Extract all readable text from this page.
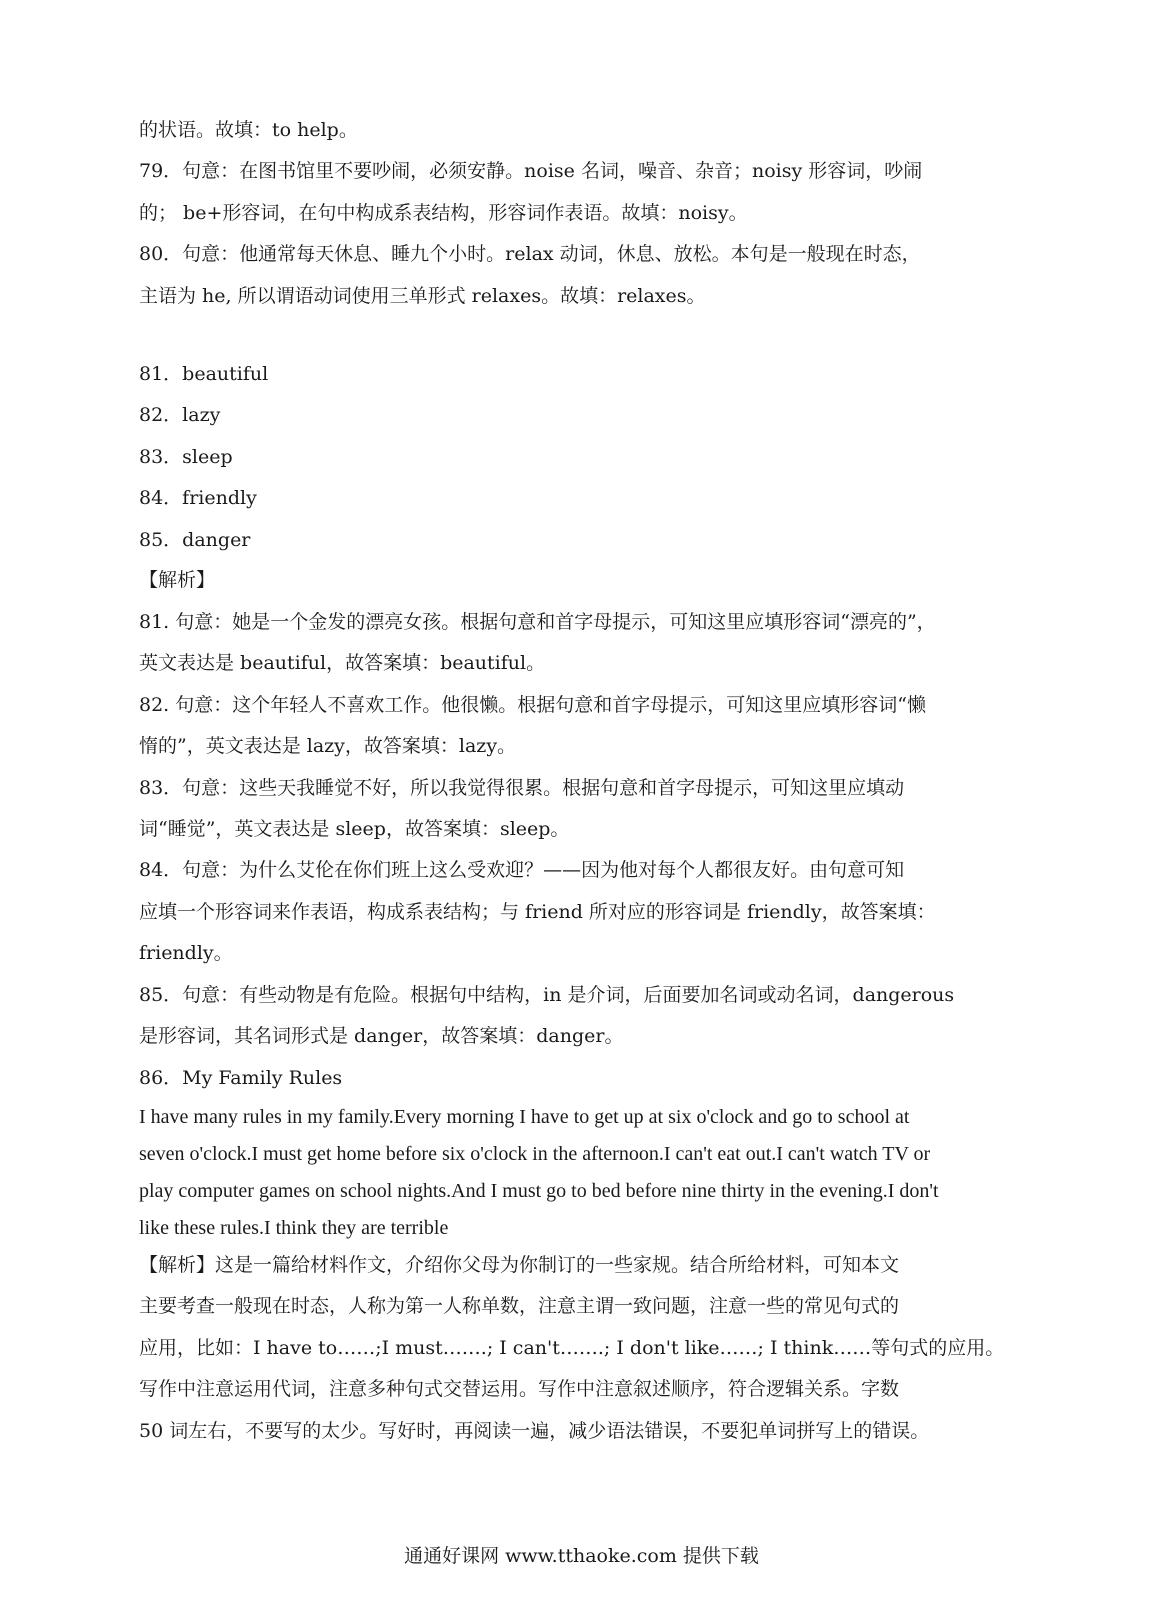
的状语。故填：to help。
79．句意：在图书馆里不要吵闹，必须安静。noise 名词，噪音、杂音；noisy 形容词，吵闹
的； be+形容词，在句中构成系表结构，形容词作表语。故填：noisy。
80．句意：他通常每天休息、睡九个小时。relax 动词，休息、放松。本句是一般现在时态，
主语为 he, 所以谓语动词使用三单形式 relaxes。故填：relaxes。
81．beautiful
82．lazy
83．sleep
84．friendly
85．danger
【解析】
81. 句意：她是一个金发的漂亮女孩。根据句意和首字母提示，可知这里应填形容词“漂亮的”，
英文表达是 beautiful，故答案填：beautiful。
82. 句意：这个年轻人不喜欢工作。他很懒。根据句意和首字母提示，可知这里应填形容词“懒
惰的”，英文表达是 lazy，故答案填：lazy。
83．句意：这些天我睡觉不好，所以我觉得很累。根据句意和首字母提示，可知这里应填动
词“睡觉”，英文表达是 sleep，故答案填：sleep。
84．句意：为什么艾伦在你们班上这么受欢迎？——因为他对每个人都很友好。由句意可知
应填一个形容词来作表语，构成系表结构；与 friend 所对应的形容词是 friendly，故答案填：
friendly。
85．句意：有些动物是有危险。根据句中结构，in 是介词，后面要加名词或动名词，dangerous
是形容词，其名词形式是 danger，故答案填：danger。
86．My Family Rules
I have many rules in my family.Every morning I have to get up at six o'clock and go to school at
seven o'clock.I must get home before six o'clock in the afternoon.I can't eat out.I can't watch TV or
play computer games on school nights.And I must go to bed before nine thirty in the evening.I don't
like these rules.I think they are terrible
【解析】这是一篇给材料作文，介绍你父母为你制订的一些家规。结合所给材料，可知本文
主要考查一般现在时态，人称为第一人称单数，注意主谓一致问题，注意一些的常见句式的
应用，比如：I have to……;I must…….; I can't…….; I don't like……; I think……等句式的应用。
写作中注意运用代词，注意多种句式交替运用。写作中注意叙述顺序，符合逻辑关系。字数
50 词左右，不要写的太少。写好时，再阅读一遍，减少语法错误，不要犯单词拼写上的错误。
通通好课网 www.tthaoke.com 提供下载
